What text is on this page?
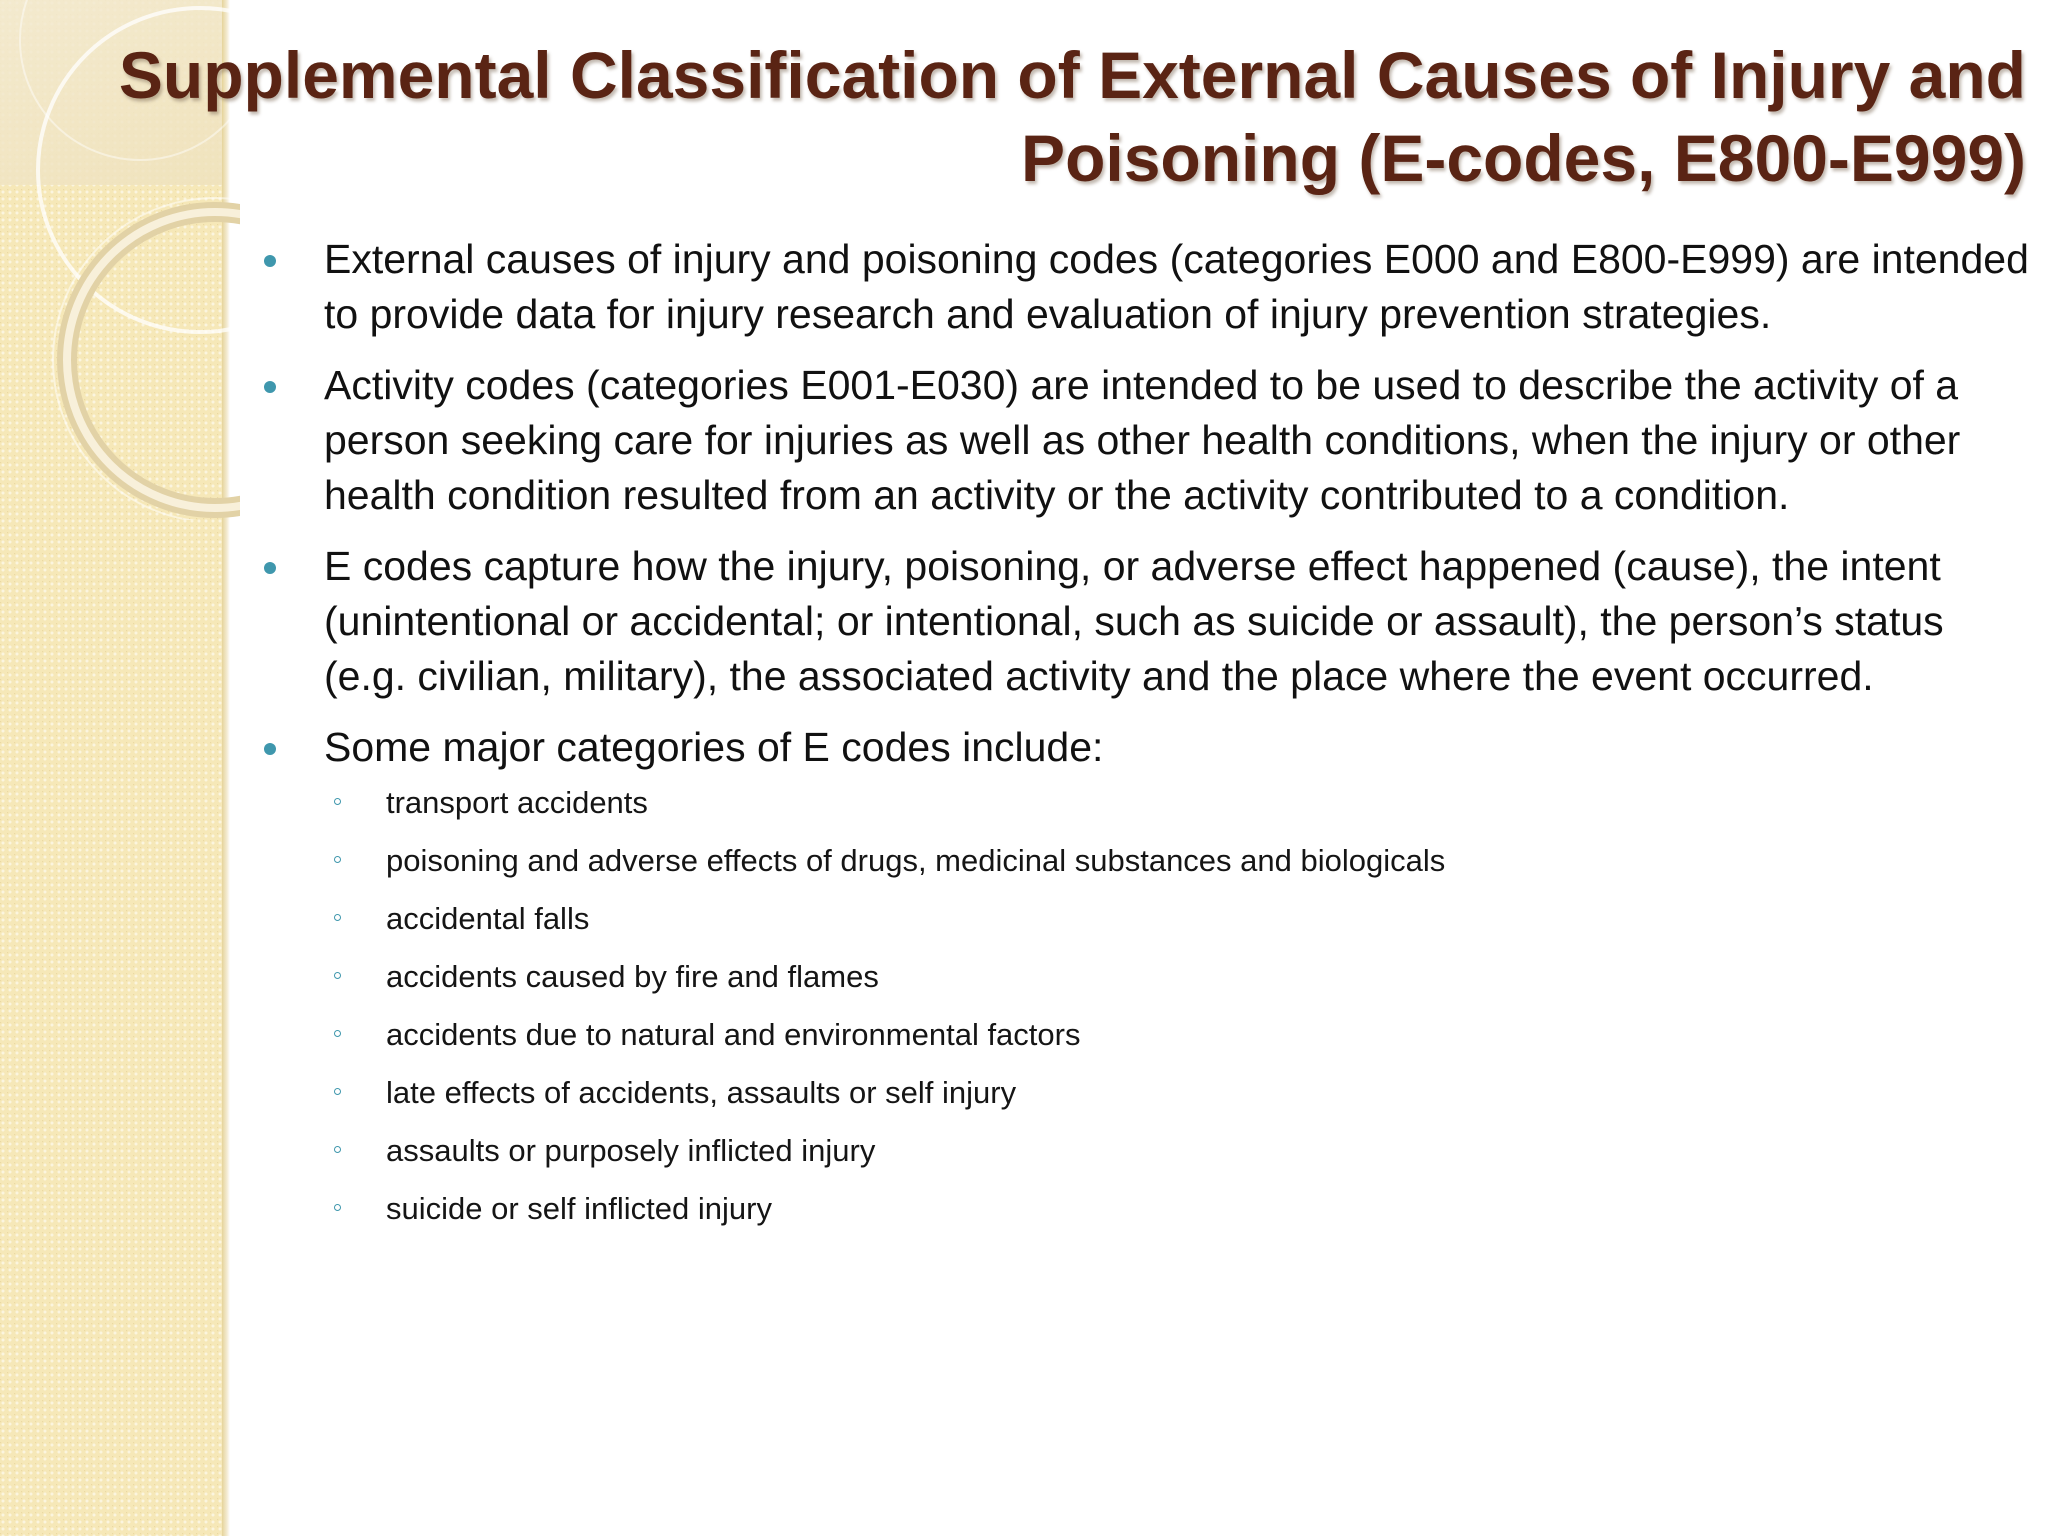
Supplemental Classification of External Causes of Injury and Poisoning (E-codes, E800-E999)
External causes of injury and poisoning codes (categories E000 and E800-E999) are intended to provide data for injury research and evaluation of injury prevention strategies.
Activity codes (categories E001-E030) are intended to be used to describe the activity of a person seeking care for injuries as well as other health conditions, when the injury or other health condition resulted from an activity or the activity contributed to a condition.
E codes capture how the injury, poisoning, or adverse effect happened (cause), the intent (unintentional or accidental; or intentional, such as suicide or assault), the person’s status (e.g. civilian, military), the associated activity and the place where the event occurred.
Some major categories of E codes include:
transport accidents
poisoning and adverse effects of drugs, medicinal substances and biologicals
accidental falls
accidents caused by fire and flames
accidents due to natural and environmental factors
late effects of accidents, assaults or self injury
assaults or purposely inflicted injury
suicide or self inflicted injury
